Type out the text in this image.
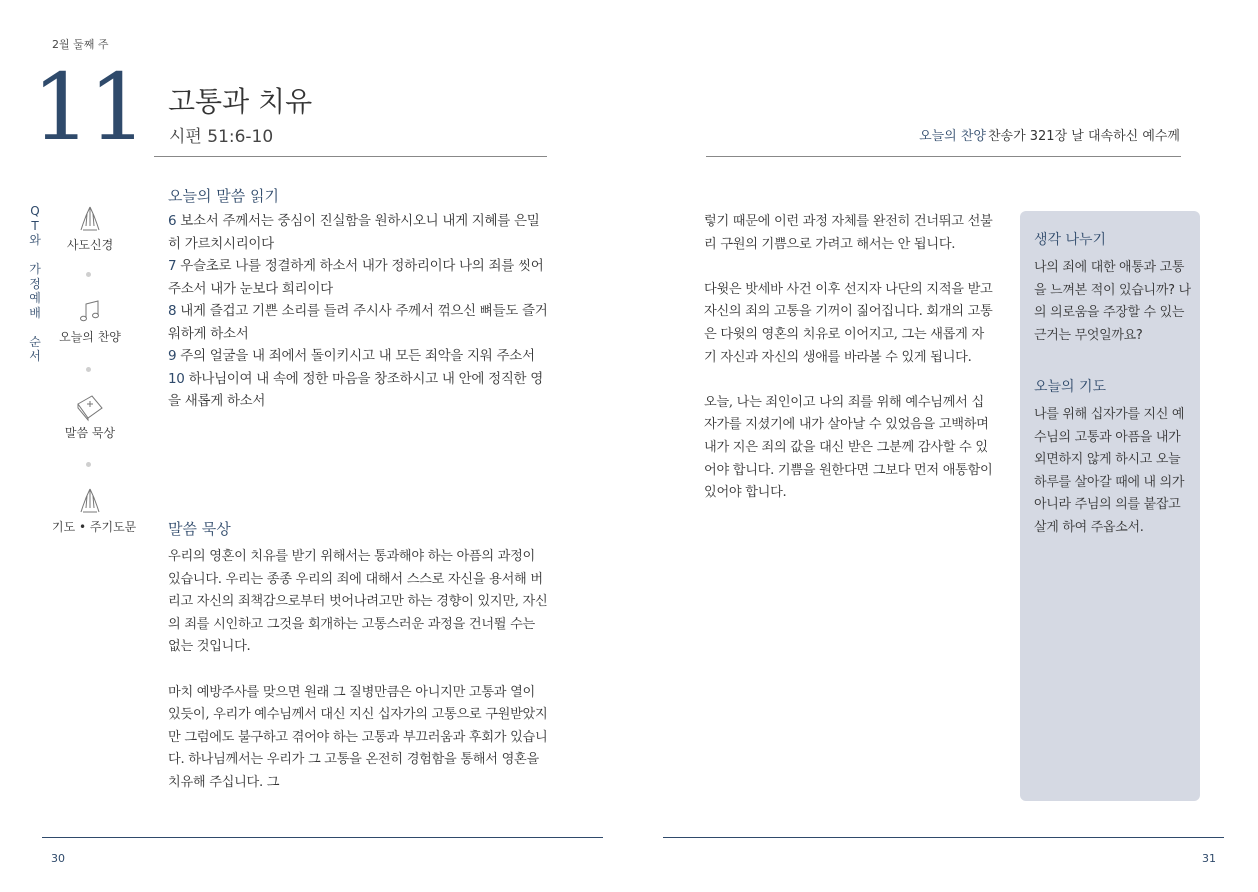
2월 둘째 주
11 고통과 치유
시편 51:6-10	오늘의 찬양 찬송가 321장 날 대속하신 예수께
Q
T
와
가
정
예
배
순
서
사도신경
오늘의 찬양
말씀 묵상
기도 • 주기도문
오늘의 말씀 읽기
6 보소서 주께서는 중심이 진실함을 원하시오니 내게 지혜를 은밀히 가르치시리이다
7 우슬초로 나를 정결하게 하소서 내가 정하리이다 나의 죄를 씻어 주소서 내가 눈보다 희리이다
8 내게 즐겁고 기쁜 소리를 들려 주시사 주께서 꺾으신 뼈들도 즐거워하게 하소서
9 주의 얼굴을 내 죄에서 돌이키시고 내 모든 죄악을 지워 주소서
10 하나님이여 내 속에 정한 마음을 창조하시고 내 안에 정직한 영을 새롭게 하소서
말씀 묵상

우리의 영혼이 치유를 받기 위해서는 통과해야 하는 아픔의 과정이 있습니다. 우리는 종종 우리의 죄에 대해서 스스로 자신을 용서해 버리고 자신의 죄책감으로부터 벗어나려고만 하는 경향이 있지만, 자신의 죄를 시인하고 그것을 회개하는 고통스러운 과정을 건너뛸 수는 없는 것입니다.

마치 예방주사를 맞으면 원래 그 질병만큼은 아니지만 고통과 열이 있듯이, 우리가 예수님께서 대신 지신 십자가의 고통으로 구원받았지만 그럼에도 불구하고 겪어야 하는 고통과 부끄러움과 후회가 있습니다. 하나님께서는 우리가 그 고통을 온전히 경험함을 통해서 영혼을 치유해 주십니다. 그

렇기 때문에 이런 과정 자체를 완전히 건너뛰고 선불리 구원의 기쁨으로 가려고 해서는 안 됩니다.

다윗은 밧세바 사건 이후 선지자 나단의 지적을 받고 자신의 죄의 고통을 기꺼이 짊어집니다. 회개의 고통은 다윗의 영혼의 치유로 이어지고, 그는 새롭게 자기 자신과 자신의 생애를 바라볼 수 있게 됩니다.

오늘, 나는 죄인이고 나의 죄를 위해 예수님께서 십자가를 지셨기에 내가 살아날 수 있었음을 고백하며 내가 지은 죄의 값을 대신 받은 그분께 감사할 수 있어야 합니다. 기쁨을 원한다면 그보다 먼저 애통함이 있어야 합니다.

생각 나누기
나의 죄에 대한 애통과 고통을 느껴본 적이 있습니까? 나의 의로움을 주장할 수 있는 근거는 무엇일까요?
오늘의 기도
나를 위해 십자가를 지신 예수님의 고통과 아픔을 내가 외면하지 않게 하시고 오늘 하루를 살아갈 때에 내 의가 아니라 주님의 의를 붙잡고 살게 하여 주옵소서.
30	31
